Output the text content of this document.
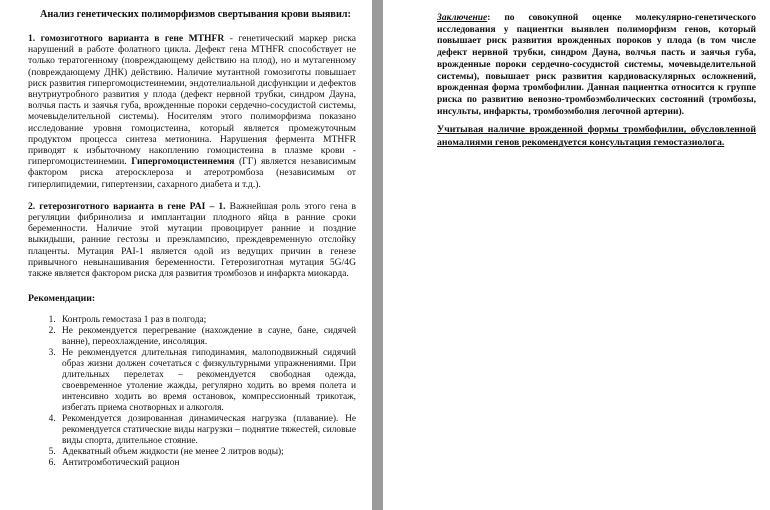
Анализ генетических полиморфизмов свертывания крови выявил:
1. гомозиготного варианта в гене MTHFR - генетический маркер риска нарушений в работе фолатного цикла. Дефект гена MTHFR способствует не только тератогенному (повреждающему действию на плод), но и мутагенному (повреждающему ДНК) действию. Наличие мутантной гомозиготы повышает риск развития гипергомоцистеинемии, эндотелиальной дисфункции и дефектов внутриутробного развития у плода (дефект нервной трубки, синдром Дауна, волчья пасть и заячья губа, врожденные пороки сердечно-сосудистой системы, мочевыделительной системы). Носителям этого полиморфизма показано исследование уровня гомоцистеина, который является промежуточным продуктом процесса синтеза метионина. Нарушения фермента МТНFR приводят к избыточному накоплению гомоцистеина в плазме крови - гипергомоцистеинемии. Гипергомоцистеинемия (ГГ) является независимым фактором риска атеросклероза и атеротромбоза (независимым от гиперлипидемии, гипертензии, сахарного диабета и т.д.).
2. гетерозиготного варианта в гене PAI – 1. Важнейшая роль этого гена в регуляции фибринолиза и имплантации плодного яйца в ранние сроки беременности. Наличие этой мутации провоцирует ранние и поздние выкидыши, ранние гестозы и преэклампсию, преждевременную отслойку плаценты. Мутация PAI-1 является одой из ведущих причин в генезе привычного невынашивания беременности. Гетерозиготная мутация 5G/4G также является фактором риска для развития тромбозов и инфаркта миокарда.
Рекомендации:
1. Контроль гемостаза 1 раз в полгода;
2. Не рекомендуется перегревание (нахождение в сауне, бане, сидячей ванне), переохлаждение, инсоляция.
3. Не рекомендуется длительная гиподинамия, малоподвижный сидячий образ жизни должен сочетаться с физкультурными упражнениями. При длительных перелетах – рекомендуется свободная одежда, своевременное утоление жажды, регулярно ходить во время полета и интенсивно ходить во время остановок, компрессионный трикотаж, избегать приема снотворных и алкоголя.
4. Рекомендуется дозированная динамическая нагрузка (плавание). Не рекомендуется статические виды нагрузки – поднятие тяжестей, силовые виды спорта, длительное стояние.
5. Адекватный объем жидкости (не менее 2 литров воды);
6. Антитромботический рацион
Заключение: по совокупной оценке молекулярно-генетического исследования у пациентки выявлен полиморфизм генов, который повышает риск развития врожденных пороков у плода (в том числе дефект нервной трубки, синдром Дауна, волчья пасть и заячья губа, врожденные пороки сердечно-сосудистой системы, мочевыделительной системы), повышает риск развития кардиоваскулярных осложнений, врожденная форма тромбофилии. Данная пациентка относится к группе риска по развитию венозно-тромбоэмболических состояний (тромбозы, инсульты, инфаркты, тромбоэмболия легочной артерии).
Учитывая наличие врожденной формы тромбофилии, обусловленной аномалиями генов рекомендуется консультация гемостазиолога.
